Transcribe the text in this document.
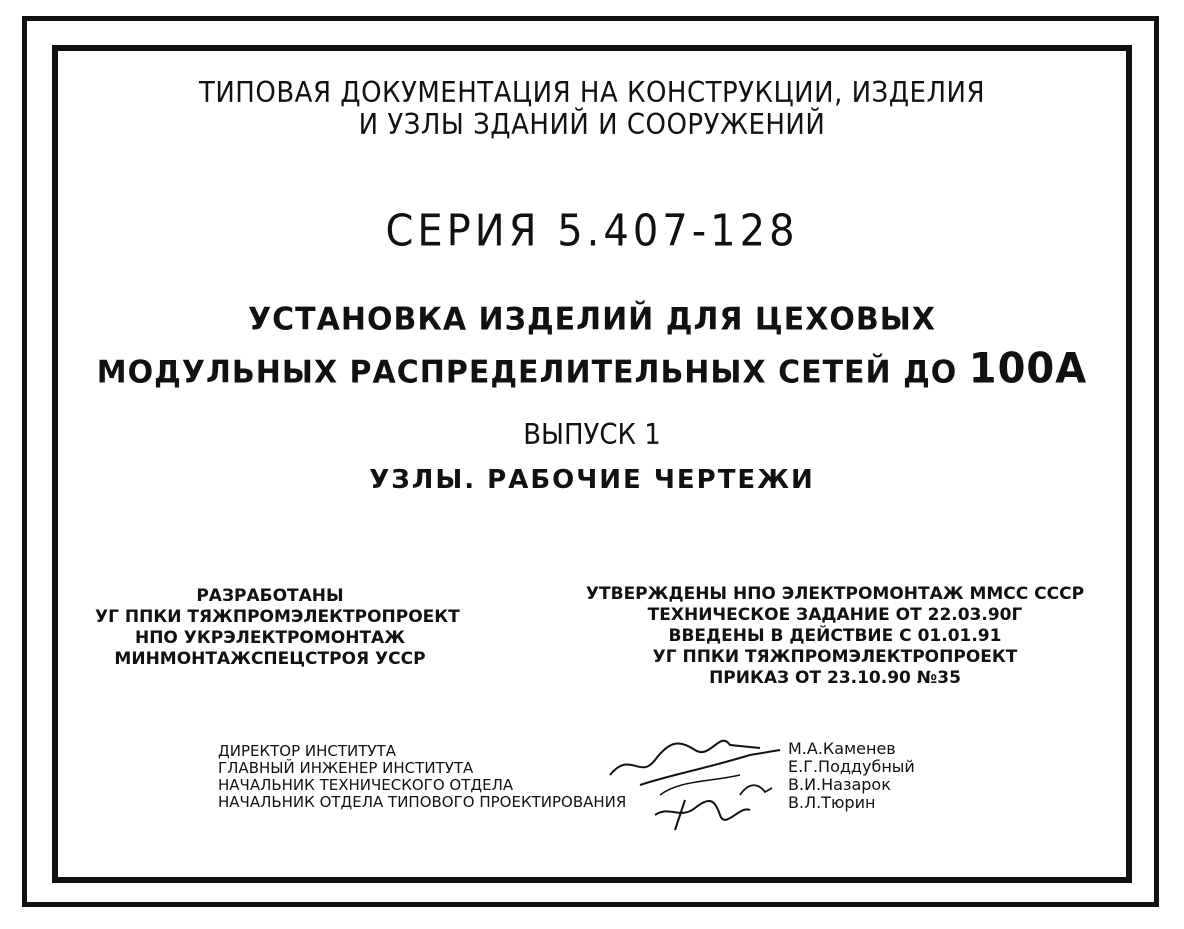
ТИПОВАЯ ДОКУМЕНТАЦИЯ НА КОНСТРУКЦИИ, ИЗДЕЛИЯ
И УЗЛЫ ЗДАНИЙ И СООРУЖЕНИЙ
СЕРИЯ 5.407-128
УСТАНОВКА ИЗДЕЛИЙ ДЛЯ ЦЕХОВЫХ
МОДУЛЬНЫХ РАСПРЕДЕЛИТЕЛЬНЫХ СЕТЕЙ ДО 100А
ВЫПУСК 1
УЗЛЫ. РАБОЧИЕ ЧЕРТЕЖИ
РАЗРАБОТАНЫ
УГ ППКИ ТЯЖПРОМЭЛЕКТРОПРОЕКТ
НПО УКРЭЛЕКТРОМОНТАЖ
МИНМОНТАЖСПЕЦСТРОЯ УССР
УТВЕРЖДЕНЫ НПО ЭЛЕКТРОМОНТАЖ ММСС СССР
ТЕХНИЧЕСКОЕ ЗАДАНИЕ ОТ 22.03.90Г
ВВЕДЕНЫ В ДЕЙСТВИЕ С 01.01.91
УГ ППКИ ТЯЖПРОМЭЛЕКТРОПРОЕКТ
ПРИКАЗ ОТ 23.10.90 №35
ДИРЕКТОР ИНСТИТУТА
ГЛАВНЫЙ ИНЖЕНЕР ИНСТИТУТА
НАЧАЛЬНИК ТЕХНИЧЕСКОГО ОТДЕЛА
НАЧАЛЬНИК ОТДЕЛА ТИПОВОГО ПРОЕКТИРОВАНИЯ
М.А.Каменев
Е.Г.Поддубный
В.И.Назарок
В.Л.Тюрин
